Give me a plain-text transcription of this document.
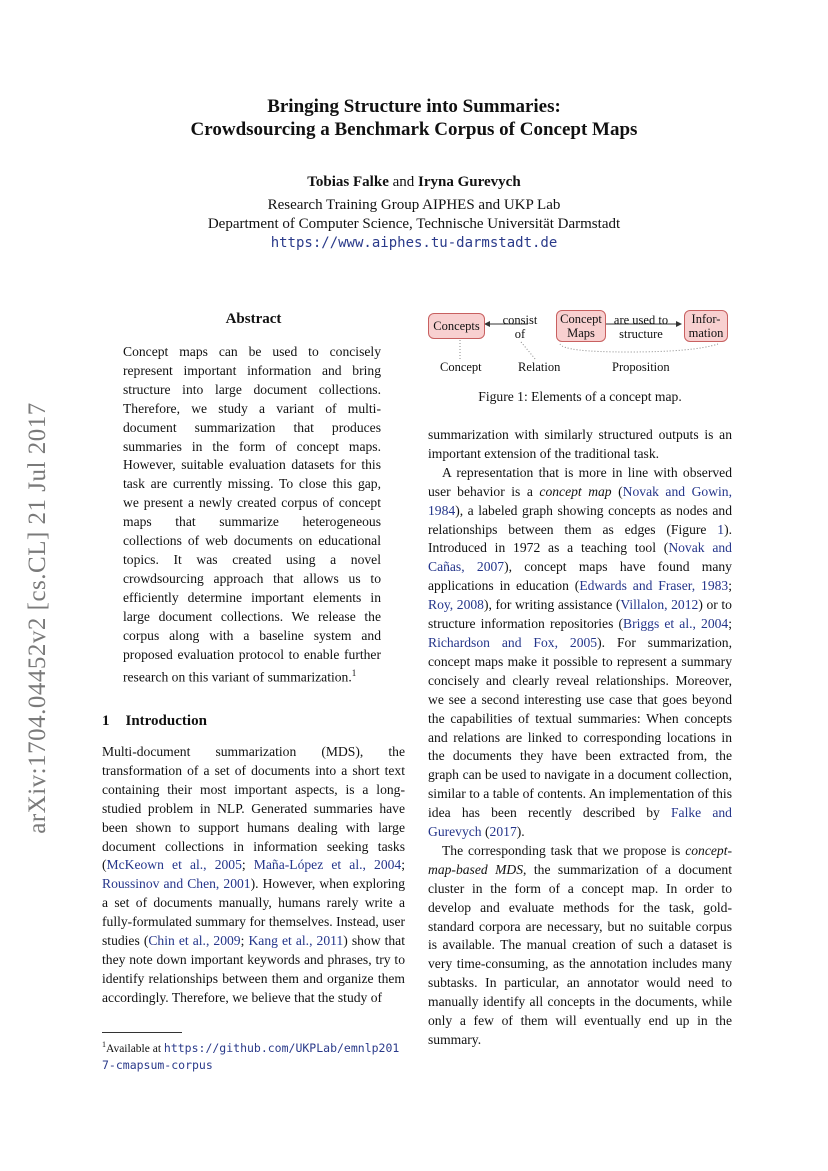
arXiv:1704.04452v2 [cs.CL] 21 Jul 2017
Bringing Structure into Summaries:
Crowdsourcing a Benchmark Corpus of Concept Maps
Tobias Falke and Iryna Gurevych
Research Training Group AIPHES and UKP Lab
Department of Computer Science, Technische Universität Darmstadt
https://www.aiphes.tu-darmstadt.de
Abstract
Concept maps can be used to concisely represent important information and bring structure into large document collections. Therefore, we study a variant of multi-document summarization that produces summaries in the form of concept maps. However, suitable evaluation datasets for this task are currently missing. To close this gap, we present a newly created corpus of concept maps that summarize heterogeneous collections of web documents on educational topics. It was created using a novel crowdsourcing approach that allows us to efficiently determine important elements in large document collections. We release the corpus along with a baseline system and proposed evaluation protocol to enable further research on this variant of summarization.$^1$
1 Introduction

Multi-document summarization (MDS), the transformation of a set of documents into a short text containing their most important aspects, is a long-studied problem in NLP. Generated summaries have been shown to support humans dealing with large document collections in information seeking tasks (McKeown et al., 2005; Maña-López et al., 2004; Roussinov and Chen, 2001). However, when exploring a set of documents manually, humans rarely write a fully-formulated summary for themselves. Instead, user studies (Chin et al., 2009; Kang et al., 2011) show that they note down important keywords and phrases, try to identify relationships between them and organize them accordingly. Therefore, we believe that the study of

$^1$Available at https://github.com/UKPLab/emnlp2017-cmapsum-corpus
Concepts	consist of
Concept Maps
are used to structure
Infor-mation
Concept	Relation	Proposition
Figure 1: Elements of a concept map.

summarization with similarly structured outputs is an important extension of the traditional task.

A representation that is more in line with observed user behavior is a concept map (Novak and Gowin, 1984), a labeled graph showing concepts as nodes and relationships between them as edges (Figure 1). Introduced in 1972 as a teaching tool (Novak and Cañas, 2007), concept maps have found many applications in education (Edwards and Fraser, 1983; Roy, 2008), for writing assistance (Villalon, 2012) or to structure information repositories (Briggs et al., 2004; Richardson and Fox, 2005). For summarization, concept maps make it possible to represent a summary concisely and clearly reveal relationships. Moreover, we see a second interesting use case that goes beyond the capabilities of textual summaries: When concepts and relations are linked to corresponding locations in the documents they have been extracted from, the graph can be used to navigate in a document collection, similar to a table of contents. An implementation of this idea has been recently described by Falke and Gurevych (2017).

The corresponding task that we propose is concept-map-based MDS, the summarization of a document cluster in the form of a concept map. In order to develop and evaluate methods for the task, gold-standard corpora are necessary, but no suitable corpus is available. The manual creation of such a dataset is very time-consuming, as the annotation includes many subtasks. In particular, an annotator would need to manually identify all concepts in the documents, while only a few of them will eventually end up in the summary.
